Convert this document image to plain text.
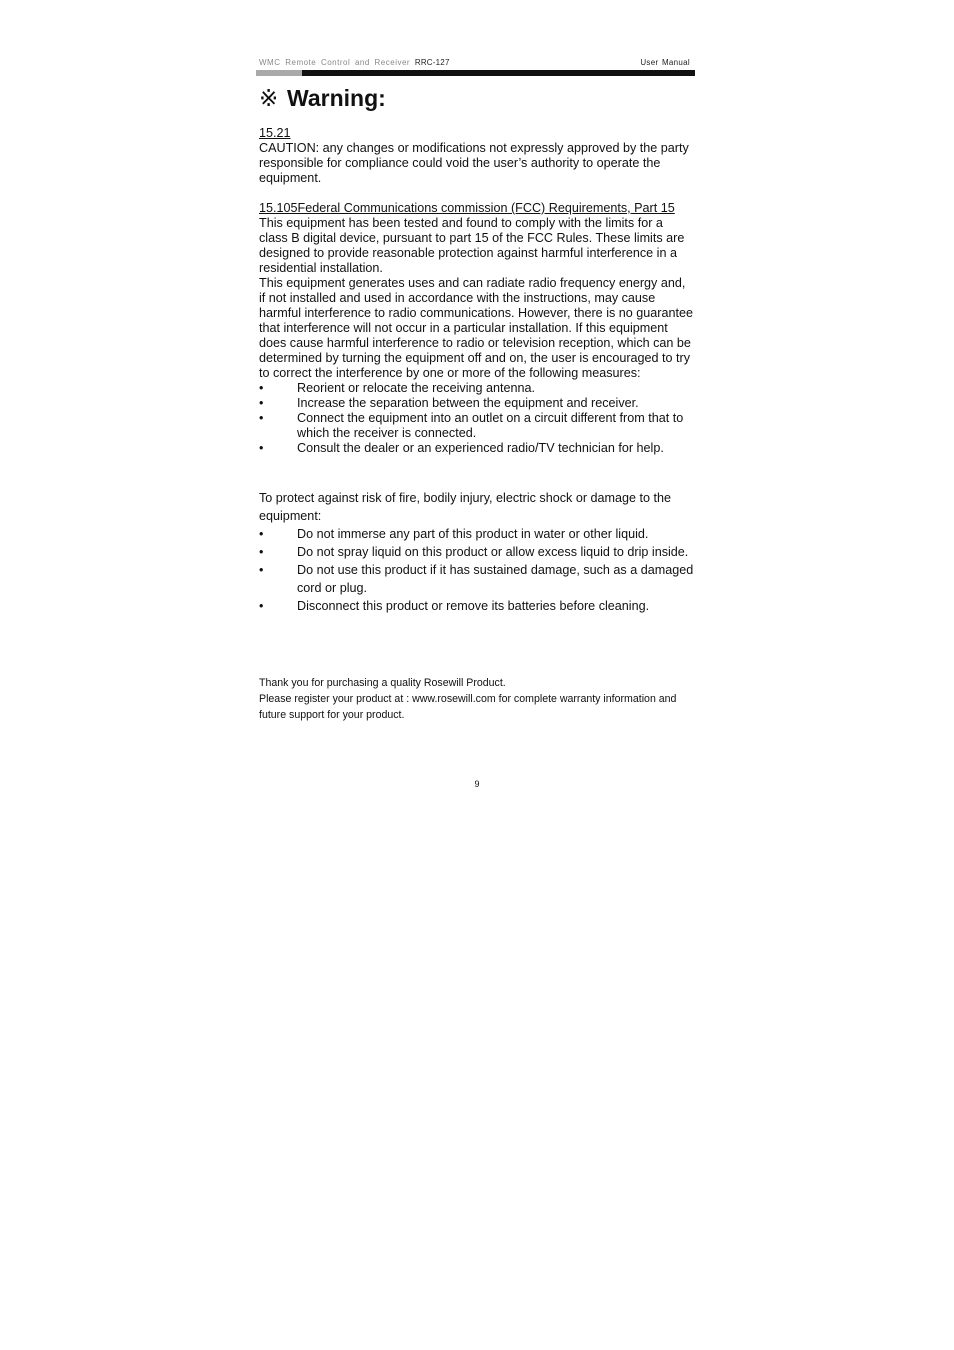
WMC Remote Control and Receiver RRC-127	User Manual
※ Warning:

15.21

CAUTION: any changes or modifications not expressly approved by the party responsible for compliance could void the user’s authority to operate the equipment.

15.105Federal Communications commission (FCC) Requirements, Part 15

This equipment has been tested and found to comply with the limits for a class B digital device, pursuant to part 15 of the FCC Rules. These limits are designed to provide reasonable protection against harmful interference in a residential installation.

This equipment generates uses and can radiate radio frequency energy and, if not installed and used in accordance with the instructions, may cause harmful interference to radio communications. However, there is no guarantee that interference will not occur in a particular installation. If this equipment does cause harmful interference to radio or television reception, which can be determined by turning the equipment off and on, the user is encouraged to try to correct the interference by one or more of the following measures:

•	Reorient or relocate the receiving antenna.
•	Increase the separation between the equipment and receiver.
•	Connect the equipment into an outlet on a circuit different from that to which the receiver is connected.
•	Consult the dealer or an experienced radio/TV technician for help.

To protect against risk of fire, bodily injury, electric shock or damage to the equipment:

•	Do not immerse any part of this product in water or other liquid.
•	Do not spray liquid on this product or allow excess liquid to drip inside.
•	Do not use this product if it has sustained damage, such as a damaged cord or plug.
•	Disconnect this product or remove its batteries before cleaning.

Thank you for purchasing a quality Rosewill Product.

Please register your product at : www.rosewill.com for complete warranty information and future support for your product.

9
